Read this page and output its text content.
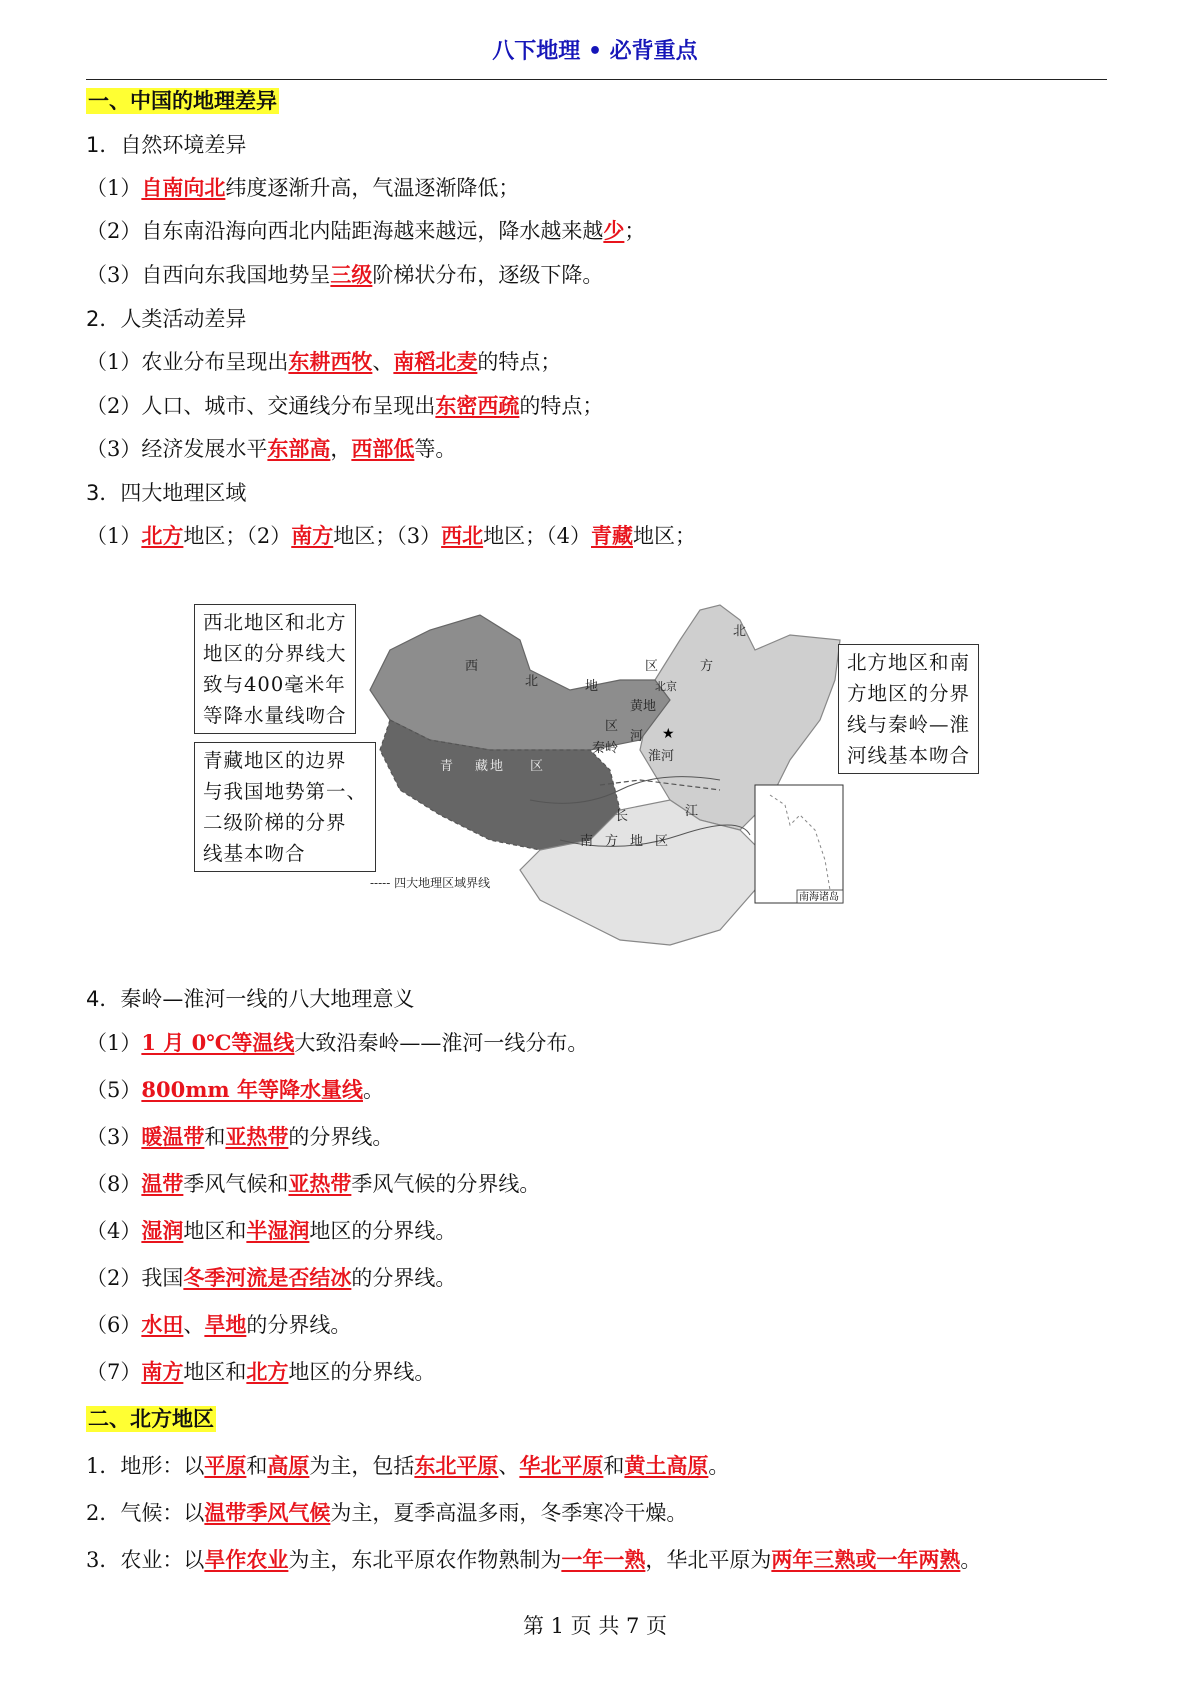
八下地理 • 必背重点
一、中国的地理差异
1．自然环境差异
（1）自南向北纬度逐渐升高，气温逐渐降低；
（2）自东南沿海向西北内陆距海越来越远，降水越来越少；
（3）自西向东我国地势呈三级阶梯状分布，逐级下降。
2．人类活动差异
（1）农业分布呈现出东耕西牧、南稻北麦的特点；
（2）人口、城市、交通线分布呈现出东密西疏的特点；
（3）经济发展水平东部高，西部低等。
3．四大地理区域
（1）北方地区；（2）南方地区；（3）西北地区；（4）青藏地区；
★
南海诸岛
西
北	地
区
北
方
北京
黄地
秦岭
河
淮河
区
青 藏 地 区
长	江
南 方 地 区
----- 四大地理区域界线
西北地区和北方
地区的分界线大
致与400毫米年
等降水量线吻合
青藏地区的边界
与我国地势第一、
二级阶梯的分界
线基本吻合
北方地区和南
方地区的分界
线与秦岭—淮
河线基本吻合
4．秦岭—淮河一线的八大地理意义
（1）1 月 0℃等温线大致沿秦岭——淮河一线分布。
（5）800mm 年等降水量线。
（3）暖温带和亚热带的分界线。
（8）温带季风气候和亚热带季风气候的分界线。
（4）湿润地区和半湿润地区的分界线。
（2）我国冬季河流是否结冰的分界线。
（6）水田、旱地的分界线。
（7）南方地区和北方地区的分界线。
二、北方地区
1．地形：以平原和高原为主，包括东北平原、华北平原和黄土高原。
2．气候：以温带季风气候为主，夏季高温多雨，冬季寒冷干燥。
3．农业：以旱作农业为主，东北平原农作物熟制为一年一熟，华北平原为两年三熟或一年两熟。
第 1 页 共 7 页
